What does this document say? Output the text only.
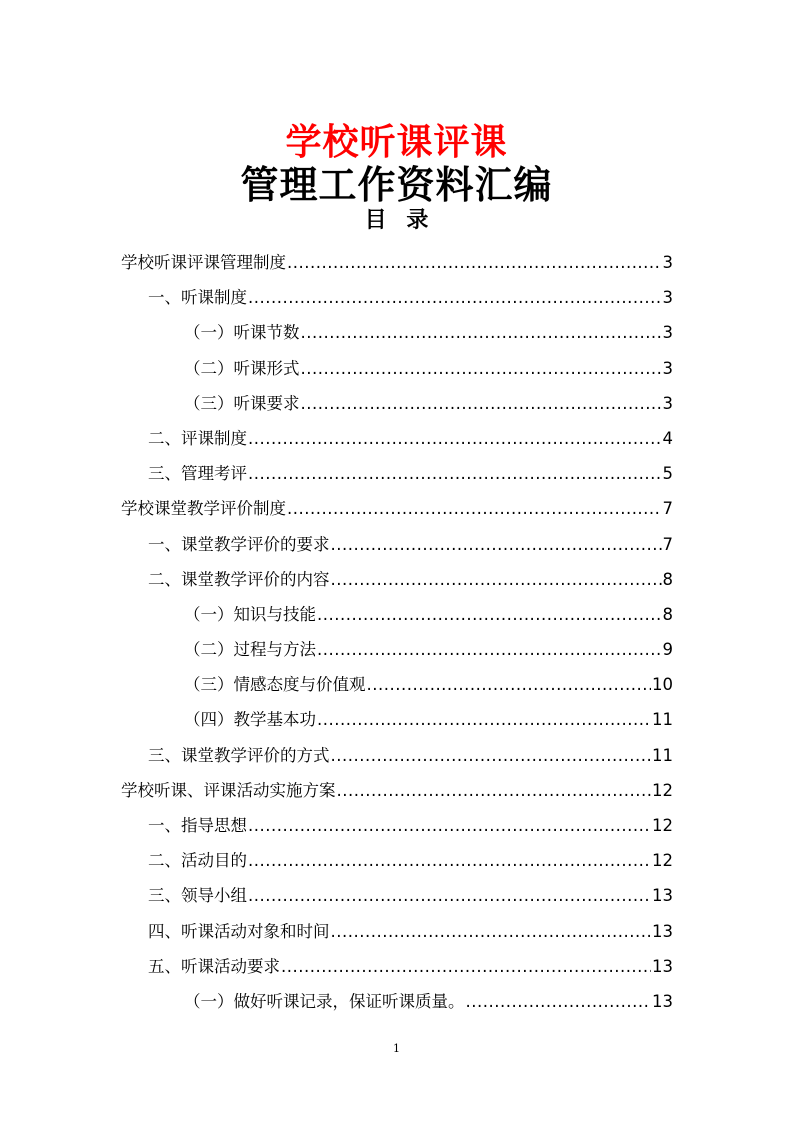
学校听课评课
管理工作资料汇编
目 录
学校听课评课管理制度 .....	3
一、听课制度 .....	3
（一）听课节数 .....	3
（二）听课形式 .....	3
（三）听课要求 .....	3
二、评课制度 .....	4
三、管理考评 .....	5
学校课堂教学评价制度 .....	7
一、课堂教学评价的要求 .....	7
二、课堂教学评价的内容 .....	8
（一）知识与技能 .....	8
（二）过程与方法 .....	9
（三）情感态度与价值观 .....	10
（四）教学基本功 .....	11
三、课堂教学评价的方式 .....	11
学校听课、评课活动实施方案 .....	12
一、指导思想 .....	12
二、活动目的 .....	12
三、领导小组 .....	13
四、听课活动对象和时间 .....	13
五、听课活动要求 .....	13
（一）做好听课记录，保证听课质量。 .....	13
1
